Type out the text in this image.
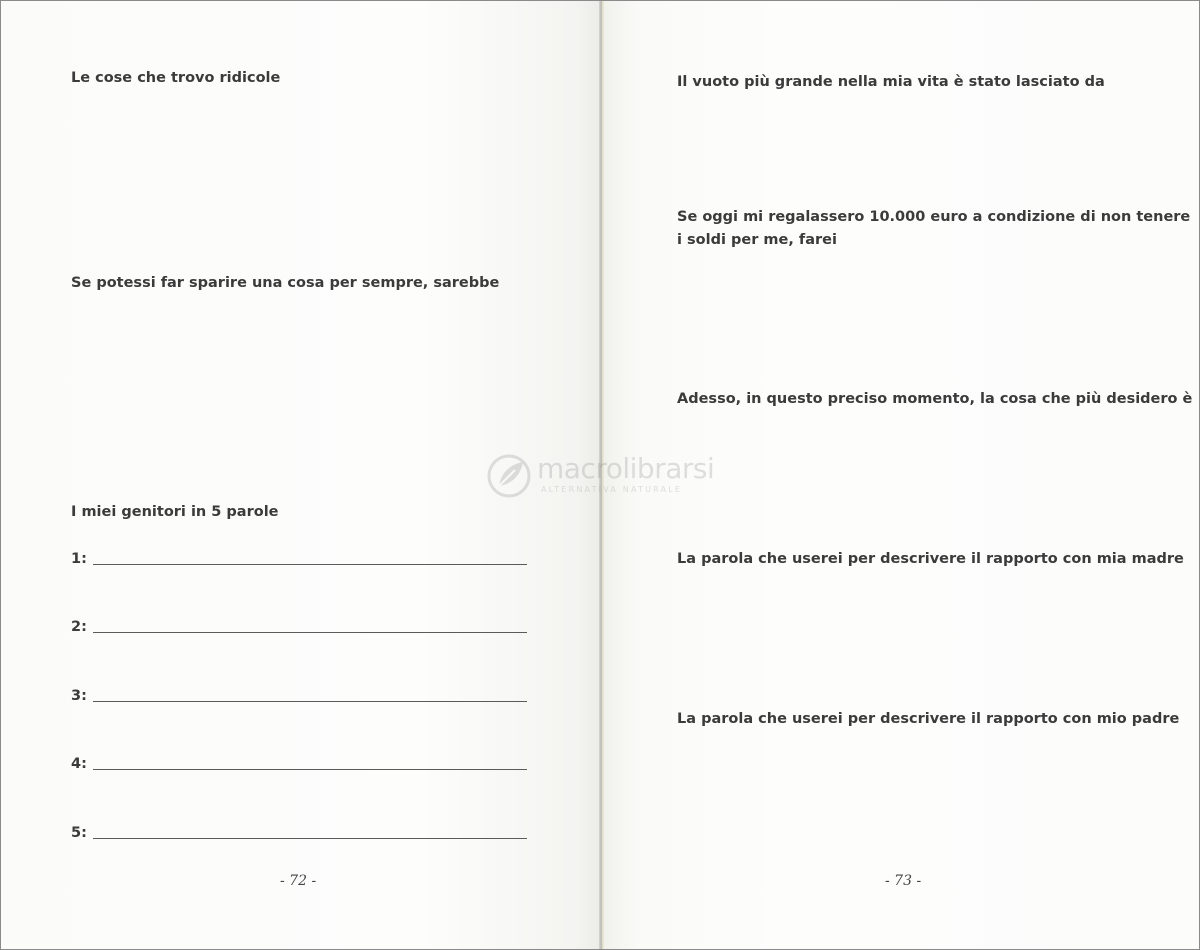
Le cose che trovo ridicole

Se potessi far sparire una cosa per sempre, sarebbe

I miei genitori in 5 parole

1:
2:
3:
4:
5:
- 72 -

Il vuoto più grande nella mia vita è stato lasciato da

Se oggi mi regalassero 10.000 euro a condizione di non tenere

i soldi per me, farei

Adesso, in questo preciso momento, la cosa che più desidero è

La parola che userei per descrivere il rapporto con mia madre

La parola che userei per descrivere il rapporto con mio padre

- 73 -
macrolibrarsi
ALTERNATIVA NATURALE
